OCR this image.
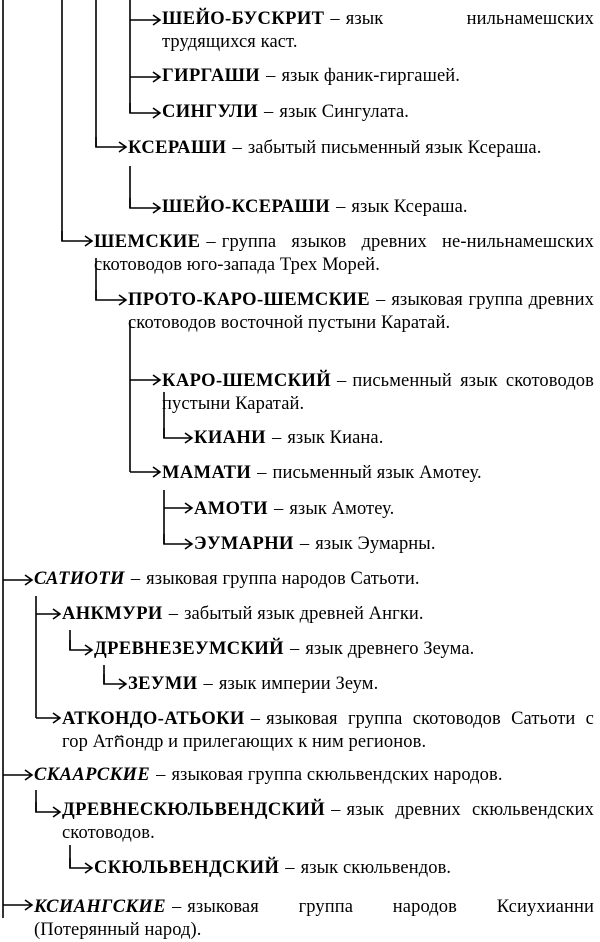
ШЕЙО-БУСКРИТ – язык нильнамешских трудящихся каст.
ГИРГАШИ – язык фаник-гиргашей.
СИНГУЛИ – язык Сингулата.
КСЕРАШИ – забытый письменный язык Ксераша.
ШЕЙО-КСЕРАШИ – язык Ксераша.
ШЕМСКИЕ – группа языков древних не-нильнамешских скотоводов юго-запада Трех Морей.
ПРОТО-КАРО-ШЕМСКИЕ – языковая группа древних скотоводов восточной пустыни Каратай.
КАРО-ШЕМСКИЙ – письменный язык скотоводов пустыни Каратай.
КИАНИ – язык Киана.
МАМАТИ – письменный язык Амотеу.
АМОТИ – язык Амотеу.
ЭУМАРНИ – язык Эумарны.
САТИОТИ – языковая группа народов Сатьоти.
АНКМУРИ – забытый язык древней Ангки.
ДРЕВНЕЗЕУМСКИЙ – язык древнего Зеума.
ЗЕУМИ – язык империи Зеум.
АТКОНДО-АТЬОКИ – языковая группа скотоводов Сатьоти с гор Атកондр и прилегающих к ним регионов.
СКААРСКИЕ – языковая группа скюльвендских народов.
ДРЕВНЕСКЮЛЬВЕНДСКИЙ – язык древних скюльвендских скотоводов.
СКЮЛЬВЕНДСКИЙ – язык скюльвендов.
КСИАНГСКИЕ – языковая группа народов Ксиухианни (Потерянный народ).
